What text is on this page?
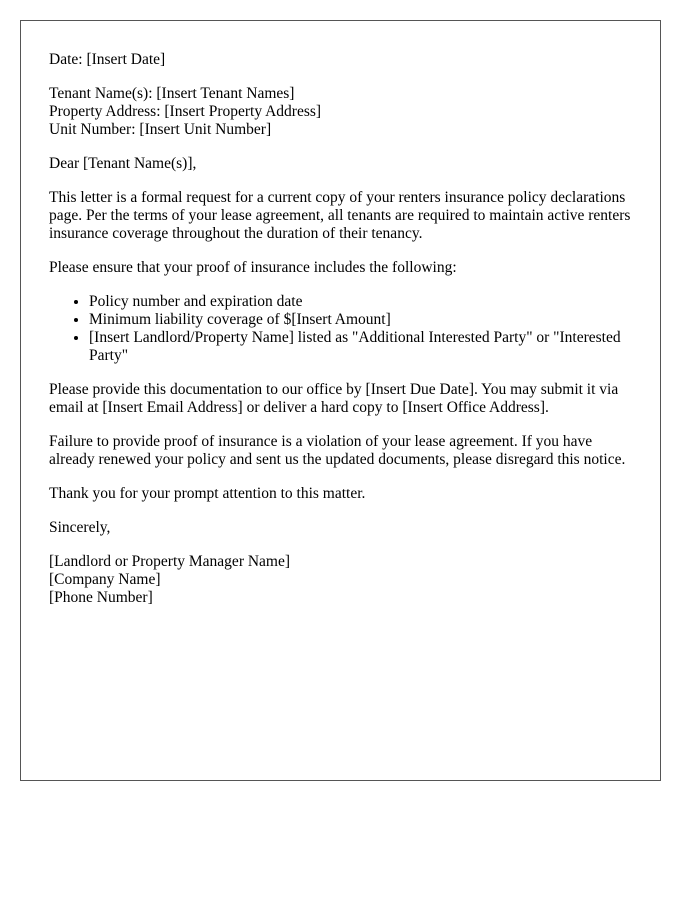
Date: [Insert Date]

Tenant Name(s): [Insert Tenant Names]
Property Address: [Insert Property Address]
Unit Number: [Insert Unit Number]

Dear [Tenant Name(s)],

This letter is a formal request for a current copy of your renters insurance policy declarations page. Per the terms of your lease agreement, all tenants are required to maintain active renters insurance coverage throughout the duration of their tenancy.

Please ensure that your proof of insurance includes the following:

• Policy number and expiration date
• Minimum liability coverage of $[Insert Amount]
• [Insert Landlord/Property Name] listed as "Additional Interested Party" or "Interested Party"

Please provide this documentation to our office by [Insert Due Date]. You may submit it via email at [Insert Email Address] or deliver a hard copy to [Insert Office Address].

Failure to provide proof of insurance is a violation of your lease agreement. If you have already renewed your policy and sent us the updated documents, please disregard this notice.

Thank you for your prompt attention to this matter.

Sincerely,

[Landlord or Property Manager Name]
[Company Name]
[Phone Number]
